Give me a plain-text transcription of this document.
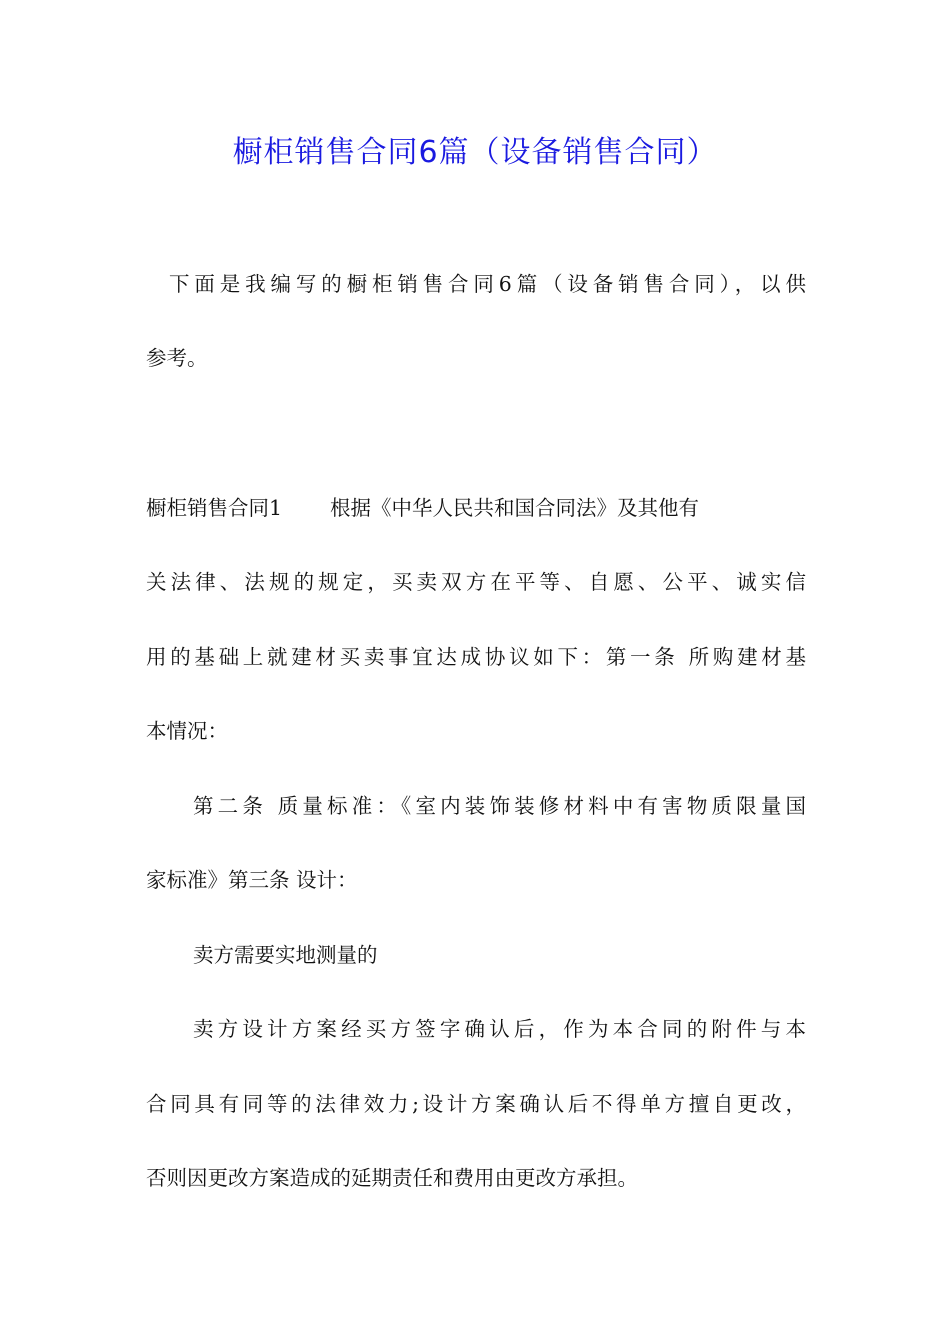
橱柜销售合同6篇（设备销售合同）
下面是我编写的橱柜销售合同6篇（设备销售合同），以供
参考。
橱柜销售合同1 根据《中华人民共和国合同法》及其他有
关法律、法规的规定，买卖双方在平等、自愿、公平、诚实信
用的基础上就建材买卖事宜达成协议如下：第一条 所购建材基
本情况：
第二条 质量标准：《室内装饰装修材料中有害物质限量国
家标准》第三条 设计：
卖方需要实地测量的
卖方设计方案经买方签字确认后，作为本合同的附件与本
合同具有同等的法律效力;设计方案确认后不得单方擅自更改，
否则因更改方案造成的延期责任和费用由更改方承担。
